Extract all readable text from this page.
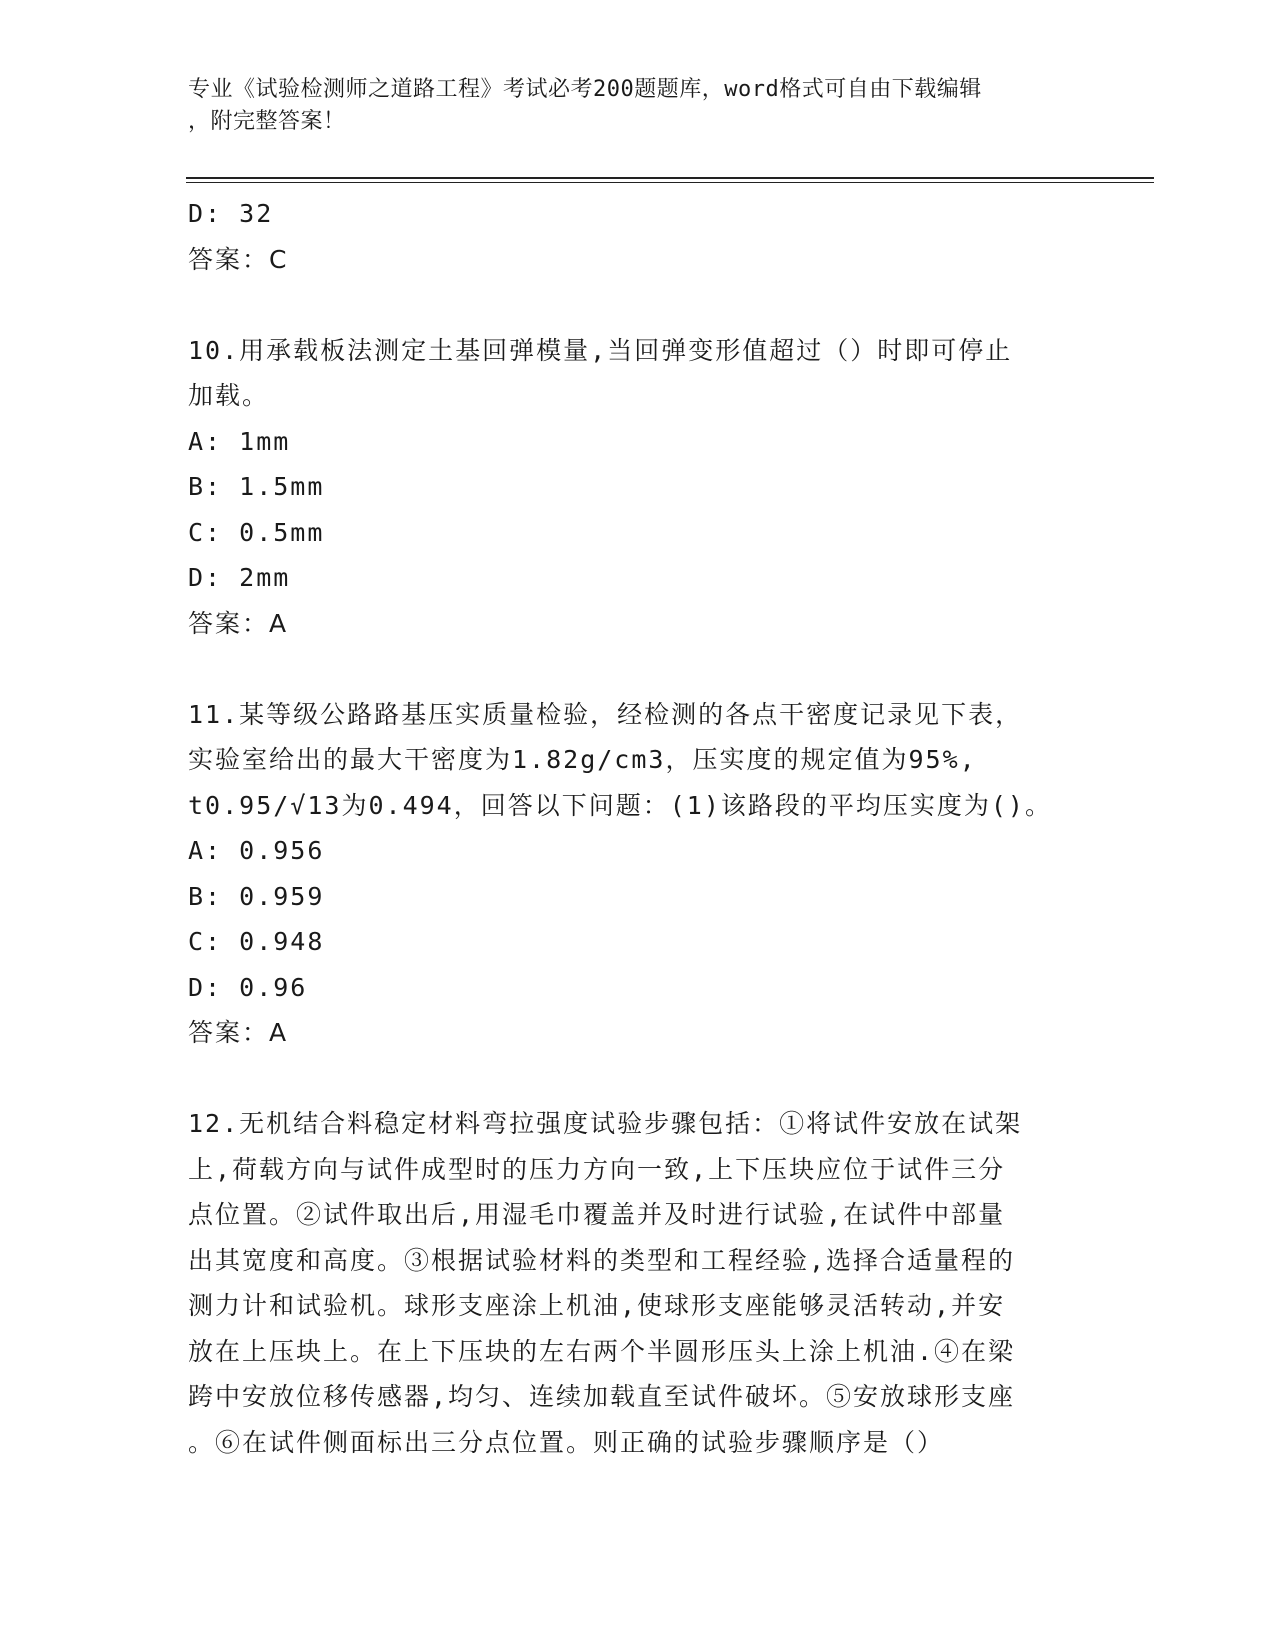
专业《试验检测师之道路工程》考试必考200题题库，word格式可自由下载编辑
，附完整答案！
D: 32
答案：C
10.用承载板法测定土基回弹模量,当回弹变形值超过（）时即可停止
加载。
A: 1mm
B: 1.5mm
C: 0.5mm
D: 2mm
答案：A
11.某等级公路路基压实质量检验，经检测的各点干密度记录见下表，
实验室给出的最大干密度为1.82g/cm3，压实度的规定值为95%,
t0.95/√13为0.494，回答以下问题：(1)该路段的平均压实度为()。
A: 0.956
B: 0.959
C: 0.948
D: 0.96
答案：A
12.无机结合料稳定材料弯拉强度试验步骤包括：①将试件安放在试架
上,荷载方向与试件成型时的压力方向一致,上下压块应位于试件三分
点位置。②试件取出后,用湿毛巾覆盖并及时进行试验,在试件中部量
出其宽度和高度。③根据试验材料的类型和工程经验,选择合适量程的
测力计和试验机。球形支座涂上机油,使球形支座能够灵活转动,并安
放在上压块上。在上下压块的左右两个半圆形压头上涂上机油.④在梁
跨中安放位移传感器,均匀、连续加载直至试件破坏。⑤安放球形支座
。⑥在试件侧面标出三分点位置。则正确的试验步骤顺序是（）
